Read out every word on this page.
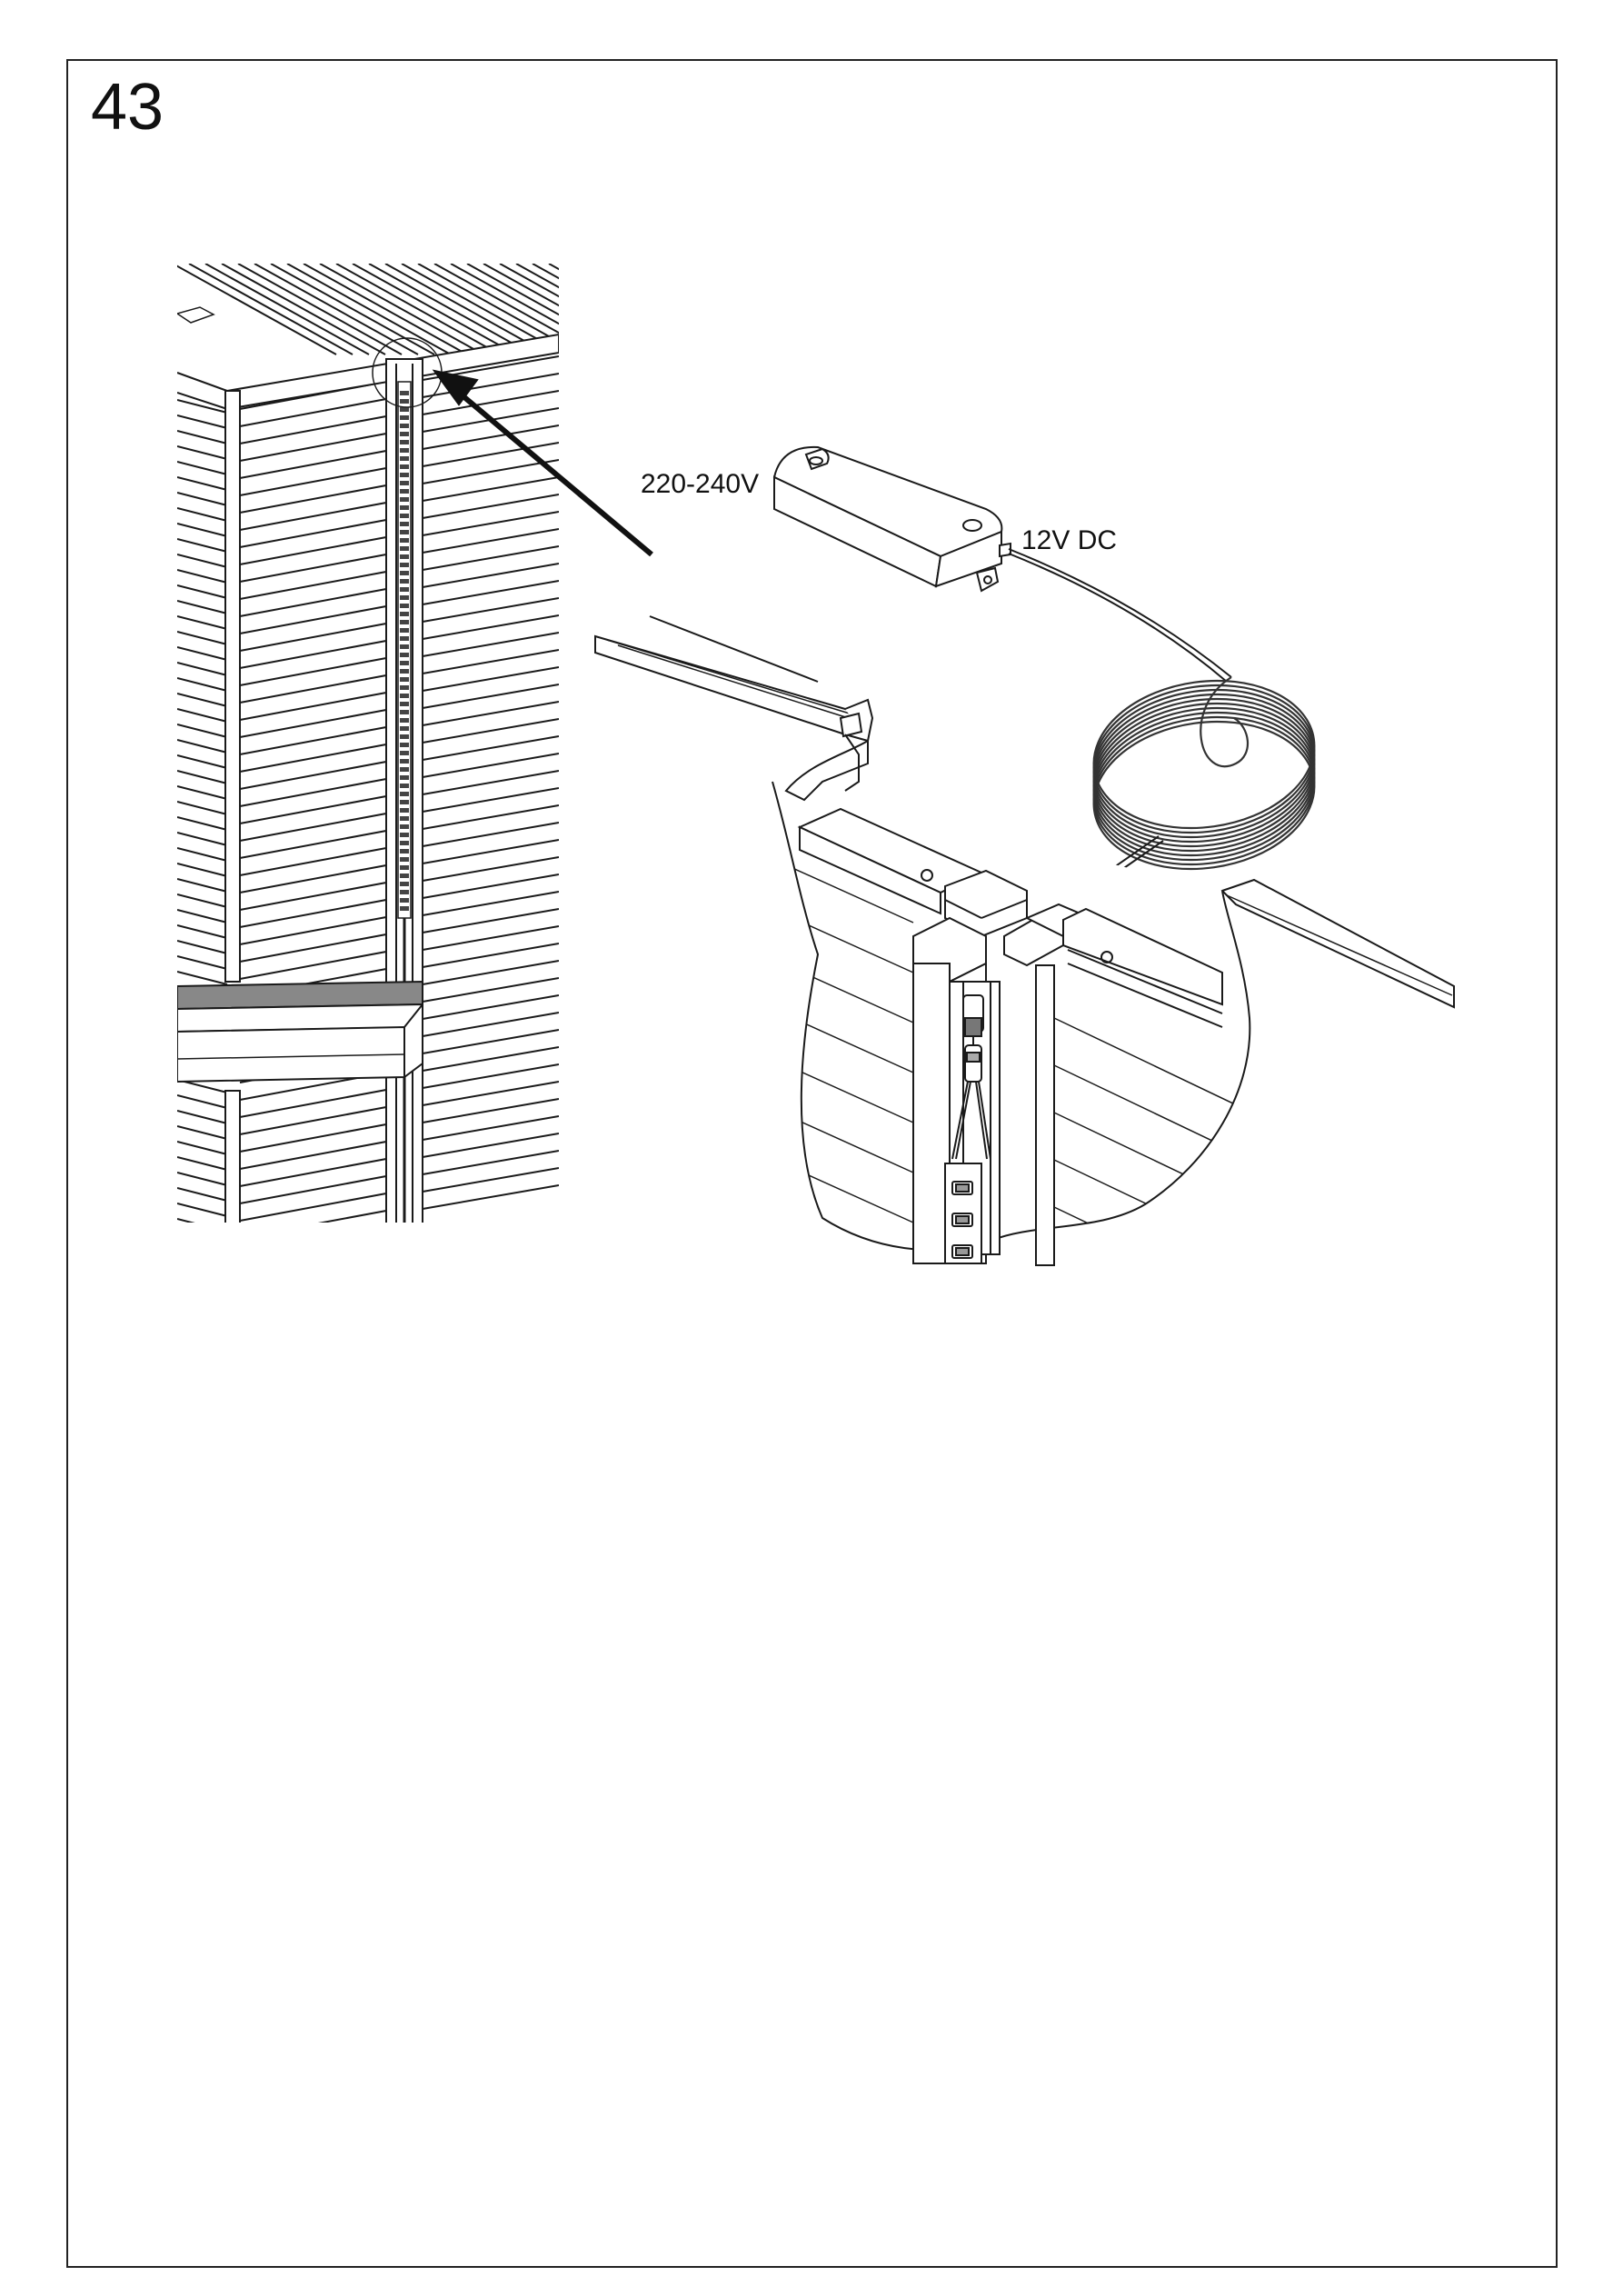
43
220-240V
12V DC
